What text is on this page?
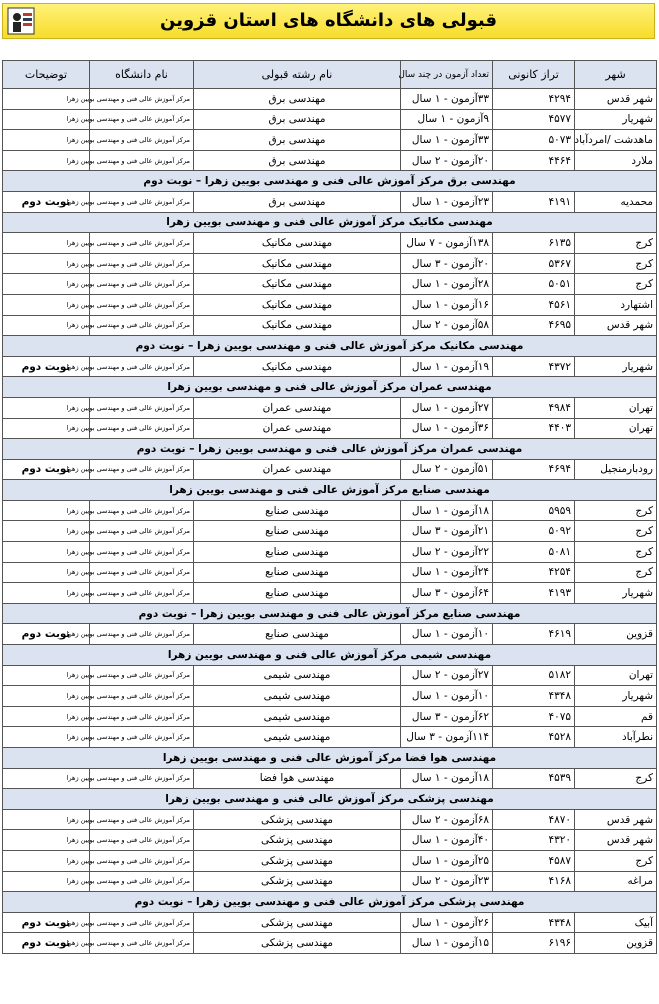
قبولی های دانشگاه های استان قزوین
شهر	تراز کانونی	تعداد آزمون در چند سال	نام رشته قبولی	نام دانشگاه	توضیحات
شهر قدس	۴۲۹۴	۳۳آزمون - ۱ سال	مهندسی برق	مرکز آموزش عالی فنی و مهندسی بویین زهرا	
شهریار	۴۵۷۷	۹آزمون - ۱ سال	مهندسی برق	مرکز آموزش عالی فنی و مهندسی بویین زهرا	
ماهدشت /امردآباد	۵۰۷۳	۳۳آزمون - ۱ سال	مهندسی برق	مرکز آموزش عالی فنی و مهندسی بویین زهرا	
ملارد	۴۴۶۴	۲۰آزمون - ۲ سال	مهندسی برق	مرکز آموزش عالی فنی و مهندسی بویین زهرا	
مهندسی برق مرکز آموزش عالی فنی و مهندسی بویین زهرا – نوبت دوم					
محمدیه	۴۱۹۱	۲۳آزمون - ۱ سال	مهندسی برق	مرکز آموزش عالی فنی و مهندسی بویین زهرا	نوبت دوم
مهندسی مکانیک مرکز آموزش عالی فنی و مهندسی بویین زهرا					
کرج	۶۱۳۵	۱۳۸آزمون - ۷ سال	مهندسی مکانیک	مرکز آموزش عالی فنی و مهندسی بویین زهرا	
کرج	۵۳۶۷	۲۰آزمون - ۳ سال	مهندسی مکانیک	مرکز آموزش عالی فنی و مهندسی بویین زهرا	
کرج	۵۰۵۱	۲۸آزمون - ۱ سال	مهندسی مکانیک	مرکز آموزش عالی فنی و مهندسی بویین زهرا	
اشتهارد	۴۵۶۱	۱۶آزمون - ۱ سال	مهندسی مکانیک	مرکز آموزش عالی فنی و مهندسی بویین زهرا	
شهر قدس	۴۶۹۵	۵۸آزمون - ۲ سال	مهندسی مکانیک	مرکز آموزش عالی فنی و مهندسی بویین زهرا	
مهندسی مکانیک مرکز آموزش عالی فنی و مهندسی بویین زهرا – نوبت دوم					
شهریار	۴۳۷۲	۱۹آزمون - ۱ سال	مهندسی مکانیک	مرکز آموزش عالی فنی و مهندسی بویین زهرا	نوبت دوم
مهندسی عمران مرکز آموزش عالی فنی و مهندسی بویین زهرا					
تهران	۴۹۸۴	۲۷آزمون - ۱ سال	مهندسی عمران	مرکز آموزش عالی فنی و مهندسی بویین زهرا	
تهران	۴۴۰۳	۳۶آزمون - ۱ سال	مهندسی عمران	مرکز آموزش عالی فنی و مهندسی بویین زهرا	
مهندسی عمران مرکز آموزش عالی فنی و مهندسی بویین زهرا – نوبت دوم					
رودبارمنجیل	۴۶۹۴	۵۱آزمون - ۲ سال	مهندسی عمران	مرکز آموزش عالی فنی و مهندسی بویین زهرا	نوبت دوم
مهندسی صنایع مرکز آموزش عالی فنی و مهندسی بویین زهرا					
کرج	۵۹۵۹	۱۸آزمون - ۱ سال	مهندسی صنایع	مرکز آموزش عالی فنی و مهندسی بویین زهرا	
کرج	۵۰۹۲	۲۱آزمون - ۳ سال	مهندسی صنایع	مرکز آموزش عالی فنی و مهندسی بویین زهرا	
کرج	۵۰۸۱	۲۲آزمون - ۲ سال	مهندسی صنایع	مرکز آموزش عالی فنی و مهندسی بویین زهرا	
کرج	۴۲۵۴	۲۴آزمون - ۱ سال	مهندسی صنایع	مرکز آموزش عالی فنی و مهندسی بویین زهرا	
شهریار	۴۱۹۳	۶۴آزمون - ۳ سال	مهندسی صنایع	مرکز آموزش عالی فنی و مهندسی بویین زهرا	
مهندسی صنایع مرکز آموزش عالی فنی و مهندسی بویین زهرا – نوبت دوم					
قزوین	۴۶۱۹	۱۰آزمون - ۱ سال	مهندسی صنایع	مرکز آموزش عالی فنی و مهندسی بویین زهرا	نوبت دوم
مهندسی شیمی مرکز آموزش عالی فنی و مهندسی بویین زهرا					
تهران	۵۱۸۲	۲۷آزمون - ۲ سال	مهندسی شیمی	مرکز آموزش عالی فنی و مهندسی بویین زهرا	
شهریار	۴۳۴۸	۱۰آزمون - ۱ سال	مهندسی شیمی	مرکز آموزش عالی فنی و مهندسی بویین زهرا	
قم	۴۰۷۵	۶۲آزمون - ۳ سال	مهندسی شیمی	مرکز آموزش عالی فنی و مهندسی بویین زهرا	
نطرآباد	۴۵۲۸	۱۱۴آزمون - ۳ سال	مهندسی شیمی	مرکز آموزش عالی فنی و مهندسی بویین زهرا	
مهندسی هوا فضا مرکز آموزش عالی فنی و مهندسی بویین زهرا					
کرج	۴۵۳۹	۱۸آزمون - ۱ سال	مهندسی هوا فضا	مرکز آموزش عالی فنی و مهندسی بویین زهرا	
مهندسی پزشکی مرکز آموزش عالی فنی و مهندسی بویین زهرا					
شهر قدس	۴۸۷۰	۶۸آزمون - ۲ سال	مهندسی پزشکی	مرکز آموزش عالی فنی و مهندسی بویین زهرا	
شهر قدس	۴۳۲۰	۴۰آزمون - ۱ سال	مهندسی پزشکی	مرکز آموزش عالی فنی و مهندسی بویین زهرا	
کرج	۴۵۸۷	۲۵آزمون - ۱ سال	مهندسی پزشکی	مرکز آموزش عالی فنی و مهندسی بویین زهرا	
مراغه	۴۱۶۸	۲۳آزمون - ۲ سال	مهندسی پزشکی	مرکز آموزش عالی فنی و مهندسی بویین زهرا	
مهندسی پزشکی مرکز آموزش عالی فنی و مهندسی بویین زهرا – نوبت دوم					
آبیک	۴۳۴۸	۲۶آزمون - ۱ سال	مهندسی پزشکی	مرکز آموزش عالی فنی و مهندسی بویین زهرا	نوبت دوم
قزوین	۶۱۹۶	۱۵آزمون - ۱ سال	مهندسی پزشکی	مرکز آموزش عالی فنی و مهندسی بویین زهرا	نوبت دوم
